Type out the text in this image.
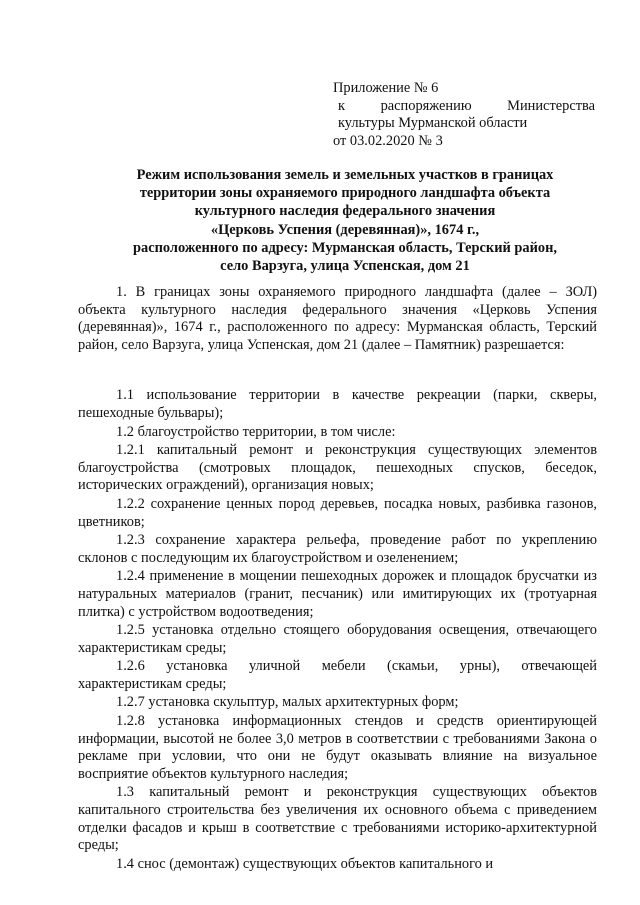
Приложение № 6
к распоряжению Министерства
культуры Мурманской области
от 03.02.2020 № 3
Режим использования земель и земельных участков в границах
территории зоны охраняемого природного ландшафта объекта
культурного наследия федерального значения
«Церковь Успения (деревянная)», 1674 г.,
расположенного по адресу: Мурманская область, Терский район,
село Варзуга, улица Успенская, дом 21

1. В границах зоны охраняемого природного ландшафта (далее – ЗОЛ) объекта культурного наследия федерального значения «Церковь Успения (деревянная)», 1674 г., расположенного по адресу: Мурманская область, Терский район, село Варзуга, улица Успенская, дом 21 (далее – Памятник) разрешается:

1.1 использование территории в качестве рекреации (парки, скверы, пешеходные бульвары);

1.2 благоустройство территории, в том числе:

1.2.1 капитальный ремонт и реконструкция существующих элементов благоустройства (смотровых площадок, пешеходных спусков, беседок, исторических ограждений), организация новых;

1.2.2 сохранение ценных пород деревьев, посадка новых, разбивка газонов, цветников;

1.2.3 сохранение характера рельефа, проведение работ по укреплению склонов с последующим их благоустройством и озеленением;

1.2.4 применение в мощении пешеходных дорожек и площадок брусчатки из натуральных материалов (гранит, песчаник) или имитирующих их (тротуарная плитка) с устройством водоотведения;

1.2.5 установка отдельно стоящего оборудования освещения, отвечающего характеристикам среды;

1.2.6 установка уличной мебели (скамьи, урны), отвечающей характеристикам среды;

1.2.7 установка скульптур, малых архитектурных форм;

1.2.8 установка информационных стендов и средств ориентирующей информации, высотой не более 3,0 метров в соответствии с требованиями Закона о рекламе при условии, что они не будут оказывать влияние на визуальное восприятие объектов культурного наследия;

1.3 капитальный ремонт и реконструкция существующих объектов капитального строительства без увеличения их основного объема с приведением отделки фасадов и крыш в соответствие с требованиями историко-архитектурной среды;

1.4 снос (демонтаж) существующих объектов капитального и
